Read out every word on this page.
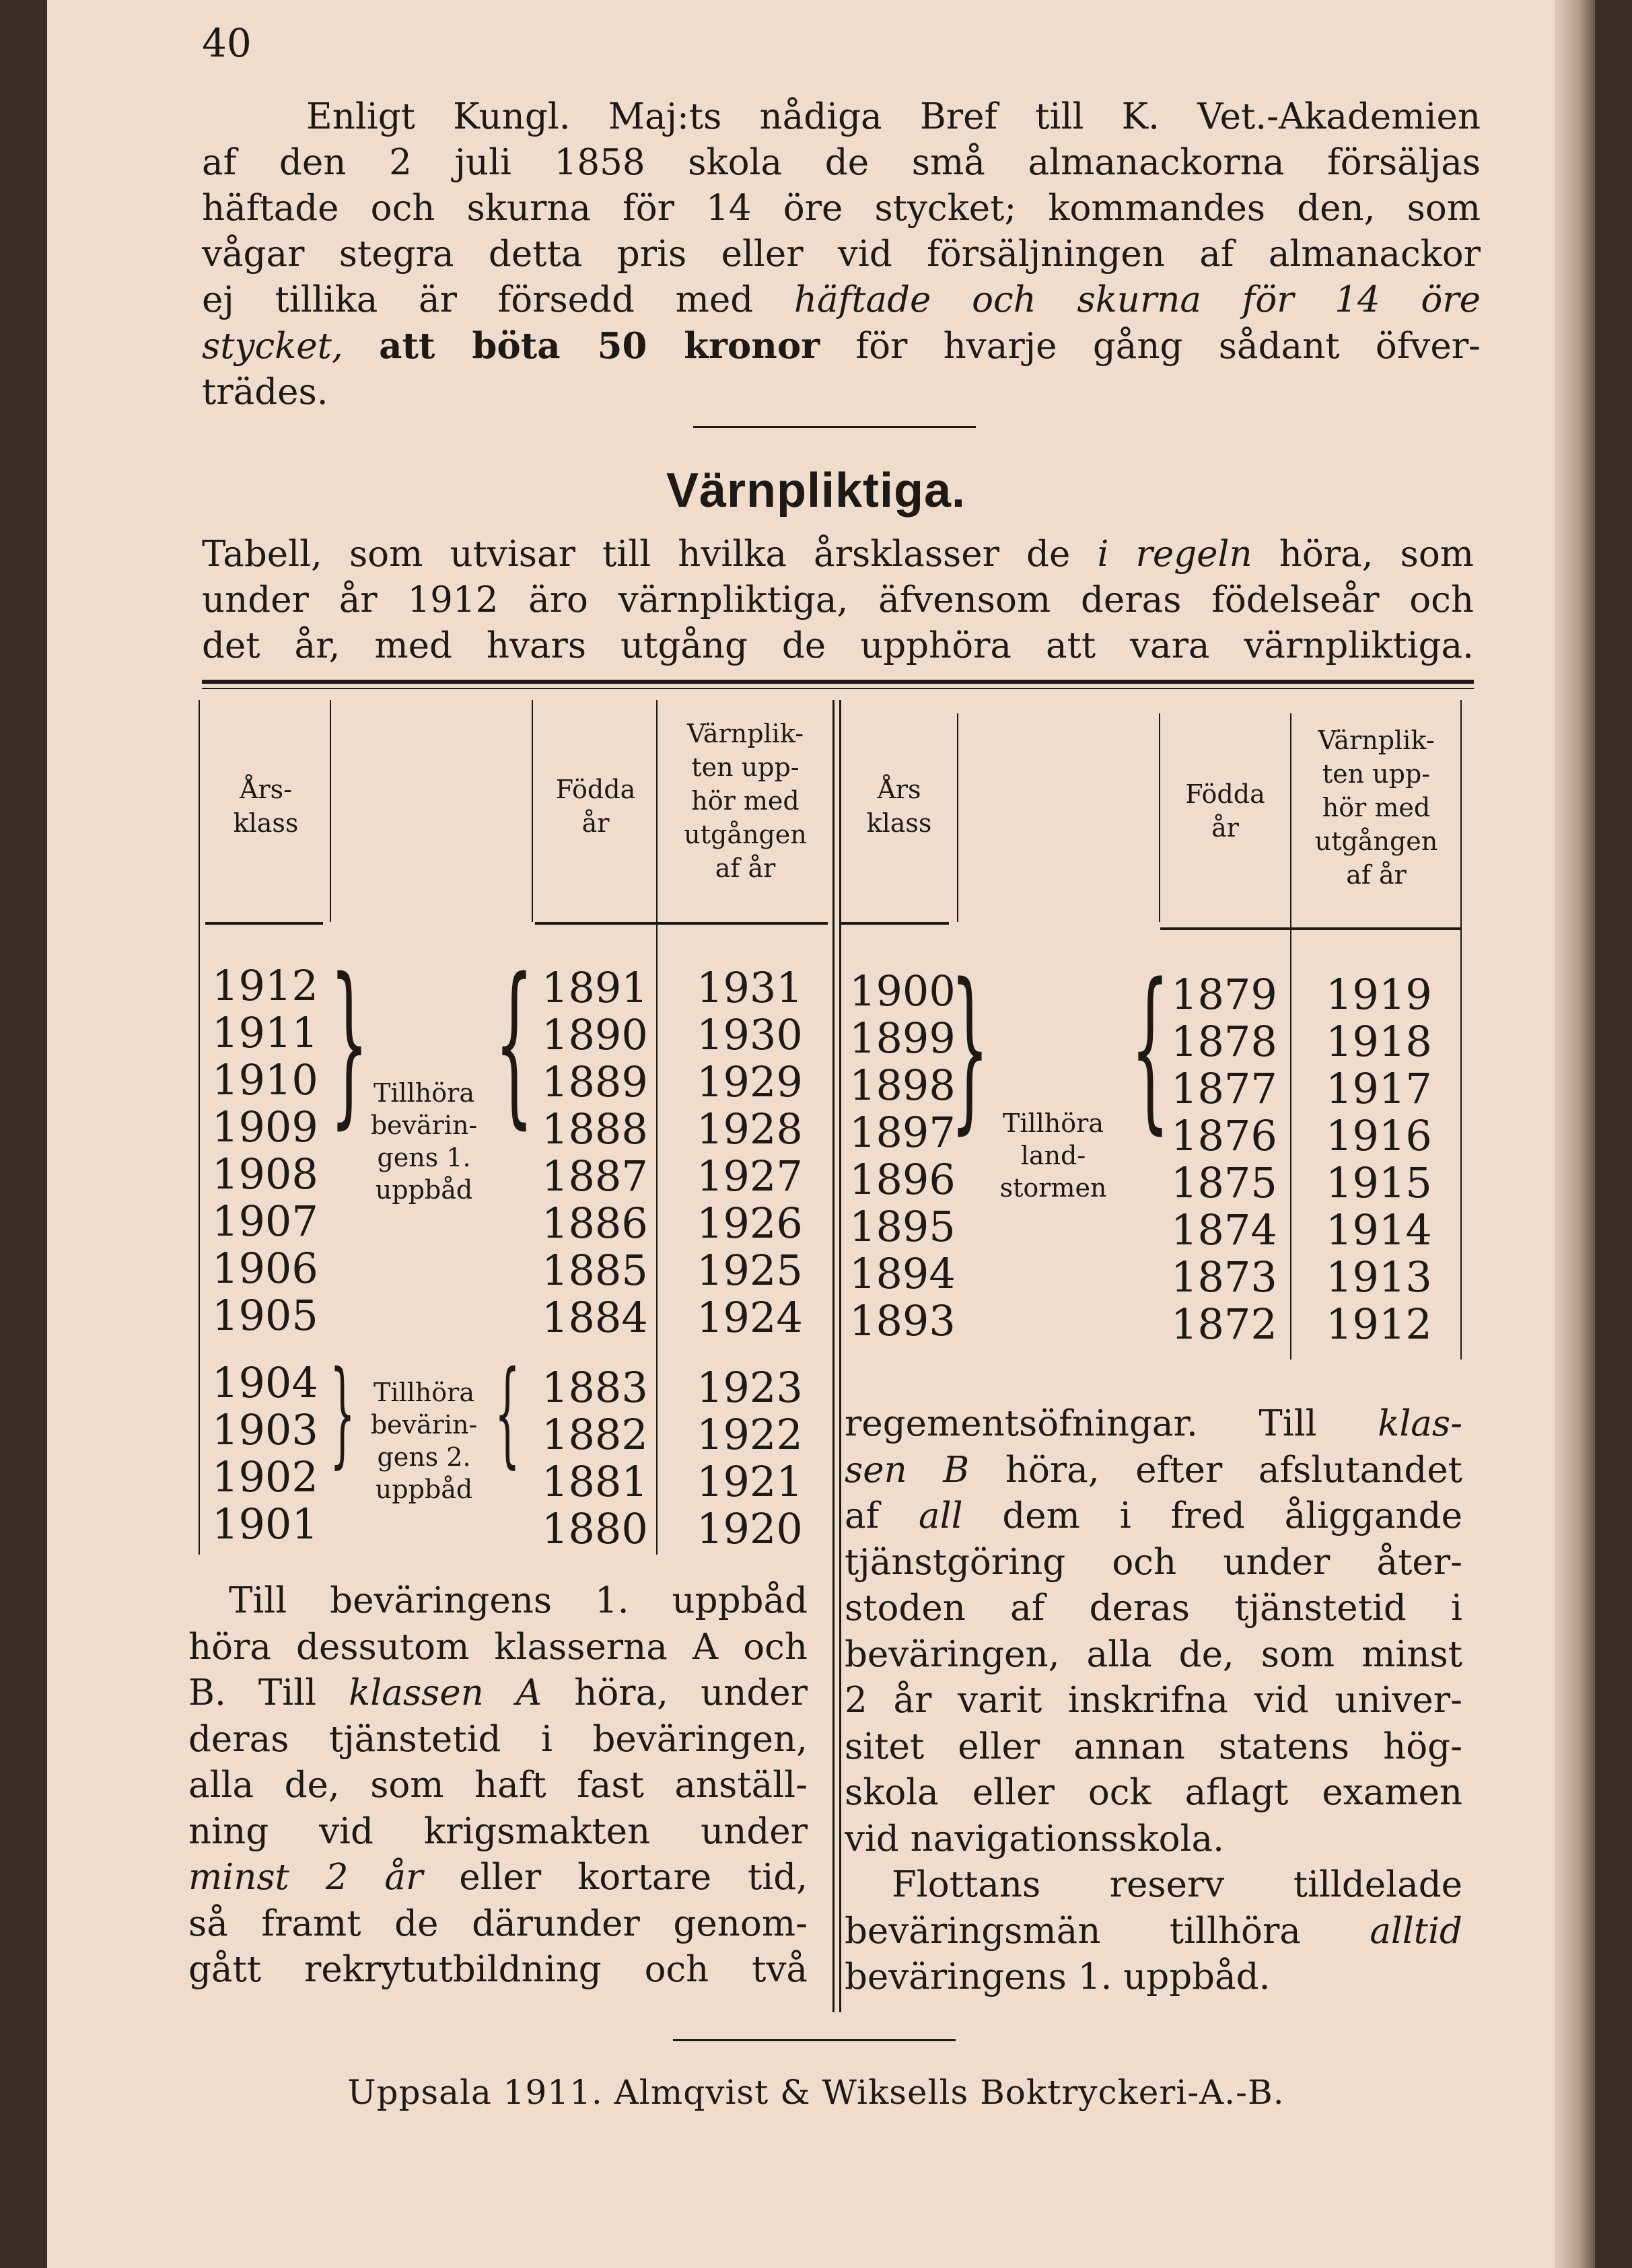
40
Enligt Kungl. Maj:ts nådiga Bref till K. Vet.-Akademien
af den 2 juli 1858 skola de små almanackorna försäljas
häftade och skurna för 14 öre stycket; kommandes den, som
vågar stegra detta pris eller vid försäljningen af almanackor
ej tillika är försedd med häftade och skurna för 14 öre
stycket, att böta 50 kronor för hvarje gång sådant öfver-
trädes.
Värnpliktiga.
Tabell, som utvisar till hvilka årsklasser de i regeln höra, som
under år 1912 äro värnpliktiga, äfvensom deras födelseår och
det år, med hvars utgång de upphöra att vara värnpliktiga.
Års-
klass
Födda
år
Värnplik-
ten upp-
hör med
utgången
af år
Års
klass
Födda
år
Värnplik-
ten upp-
hör med
utgången
af år
1912
1911
1910
1909
1908
1907
1906
1905
1891
1890
1889
1888
1887
1886
1885
1884
1931
1930
1929
1928
1927
1926
1925
1924
} {
Tillhöra
bevärin-
gens 1.
uppbåd
1904
1903
1902
1901
1883
1882
1881
1880
1923
1922
1921
1920
} {
Tillhöra
bevärin-
gens 2.
uppbåd
1900
1899
1898
1897
1896
1895
1894
1893
1879
1878
1877
1876
1875
1874
1873
1872
1919
1918
1917
1916
1915
1914
1913
1912
} {
Tillhöra
land-
stormen
Till beväringens 1. uppbåd
höra dessutom klasserna A och
B. Till klassen A höra, under
deras tjänstetid i beväringen,
alla de, som haft fast anställ-
ning vid krigsmakten under
minst 2 år eller kortare tid,
så framt de därunder genom-
gått rekrytutbildning och två
regementsöfningar. Till klas-
sen B höra, efter afslutandet
af all dem i fred åliggande
tjänstgöring och under åter-
stoden af deras tjänstetid i
beväringen, alla de, som minst
2 år varit inskrifna vid univer-
sitet eller annan statens hög-
skola eller ock aflagt examen
vid navigationsskola.
Flottans reserv tilldelade
beväringsmän tillhöra alltid
beväringens 1. uppbåd.
Uppsala 1911. Almqvist & Wiksells Boktryckeri-A.-B.
